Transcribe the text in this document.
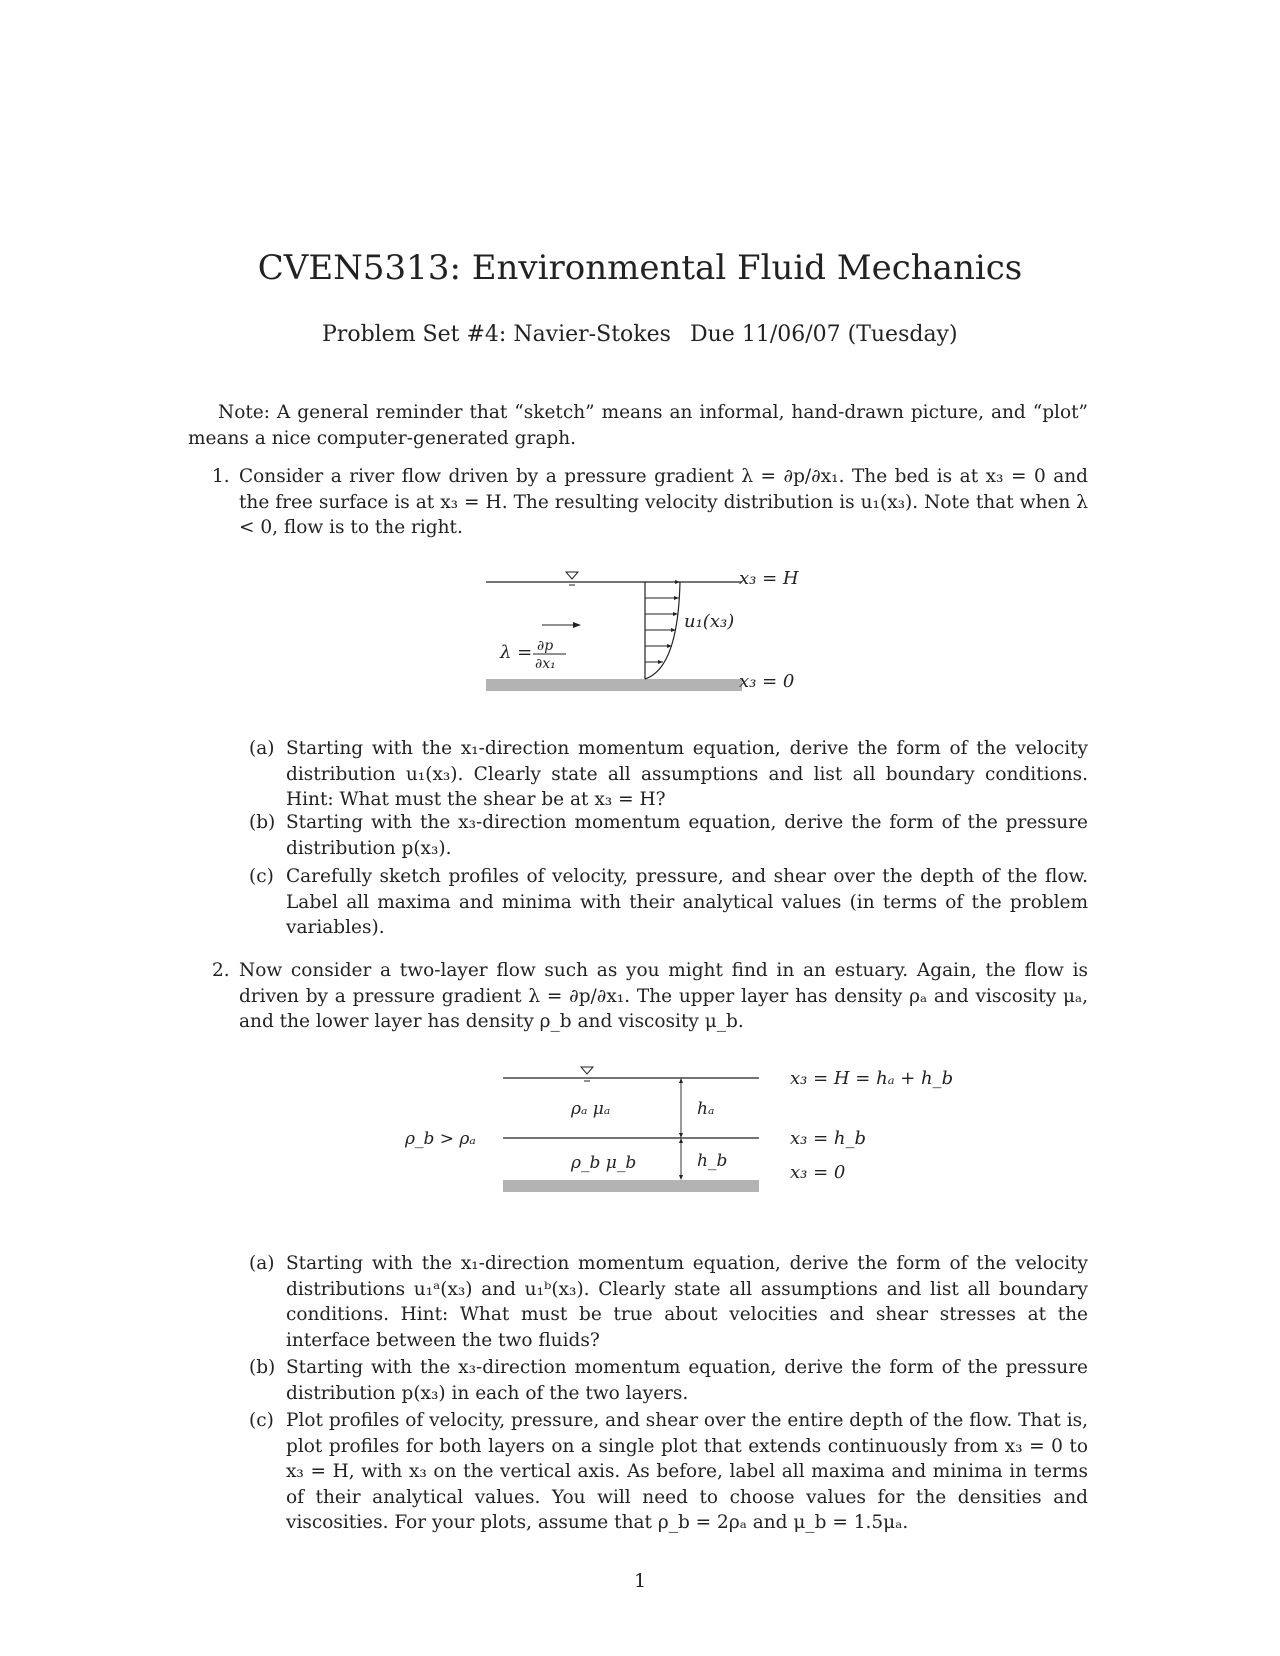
CVEN5313: Environmental Fluid Mechanics
Problem Set #4: Navier-Stokes Due 11/06/07 (Tuesday)
Note: A general reminder that “sketch” means an informal, hand-drawn picture, and “plot” means a nice computer-generated graph.
1. Consider a river flow driven by a pressure gradient λ = ∂p/∂x₁. The bed is at x₃ = 0 and the free surface is at x₃ = H. The resulting velocity distribution is u₁(x₃). Note that when λ < 0, flow is to the right.
x₃ = H
u₁(x₃)
x₃ = 0
λ = ∂p
∂x₁
(a) Starting with the x₁-direction momentum equation, derive the form of the velocity distribution u₁(x₃). Clearly state all assumptions and list all boundary conditions. Hint: What must the shear be at x₃ = H?
(b) Starting with the x₃-direction momentum equation, derive the form of the pressure distribution p(x₃).
(c) Carefully sketch profiles of velocity, pressure, and shear over the depth of the flow. Label all maxima and minima with their analytical values (in terms of the problem variables).
2. Now consider a two-layer flow such as you might find in an estuary. Again, the flow is driven by a pressure gradient λ = ∂p/∂x₁. The upper layer has density ρₐ and viscosity μₐ, and the lower layer has density ρ_b and viscosity μ_b.
ρₐ μₐ
ρ_b μ_b
hₐ
h_b
ρ_b > ρₐ
x₃ = H = hₐ + h_b
x₃ = h_b
x₃ = 0
(a) Starting with the x₁-direction momentum equation, derive the form of the velocity distributions u₁ᵃ(x₃) and u₁ᵇ(x₃). Clearly state all assumptions and list all boundary conditions. Hint: What must be true about velocities and shear stresses at the interface between the two fluids?
(b) Starting with the x₃-direction momentum equation, derive the form of the pressure distribution p(x₃) in each of the two layers.
(c) Plot profiles of velocity, pressure, and shear over the entire depth of the flow. That is, plot profiles for both layers on a single plot that extends continuously from x₃ = 0 to x₃ = H, with x₃ on the vertical axis. As before, label all maxima and minima in terms of their analytical values. You will need to choose values for the densities and viscosities. For your plots, assume that ρ_b = 2ρₐ and μ_b = 1.5μₐ.
1
